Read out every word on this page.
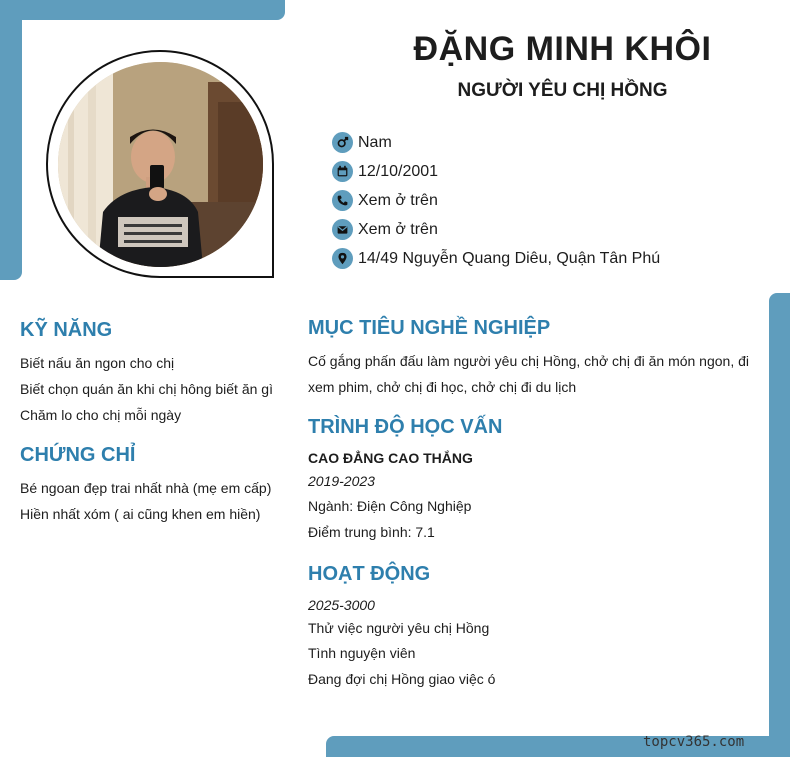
ĐẶNG MINH KHÔI
NGƯỜI YÊU CHỊ HỒNG
Nam
12/10/2001
Xem ở trên
Xem ở trên
14/49 Nguyễn Quang Diêu, Quận Tân Phú
KỸ NĂNG
Biết nấu ăn ngon cho chị
Biết chọn quán ăn khi chị hông biết ăn gì
Chăm lo cho chị mỗi ngày
CHỨNG CHỈ
Bé ngoan đẹp trai nhất nhà (mẹ em cấp)
Hiền nhất xóm ( ai cũng khen em hiền)
MỤC TIÊU NGHỀ NGHIỆP
Cố gắng phấn đấu làm người yêu chị Hồng, chở chị đi ăn món ngon, đi xem phim, chở chị đi học, chở chị đi du lịch
TRÌNH ĐỘ HỌC VẤN
CAO ĐẲNG CAO THẮNG
2019-2023
Ngành: Điện Công Nghiệp
Điểm trung bình: 7.1
HOẠT ĐỘNG
2025-3000
Thử việc người yêu chị Hồng
Tình nguyện viên
Đang đợi chị Hồng giao việc ó
topcv365.com
